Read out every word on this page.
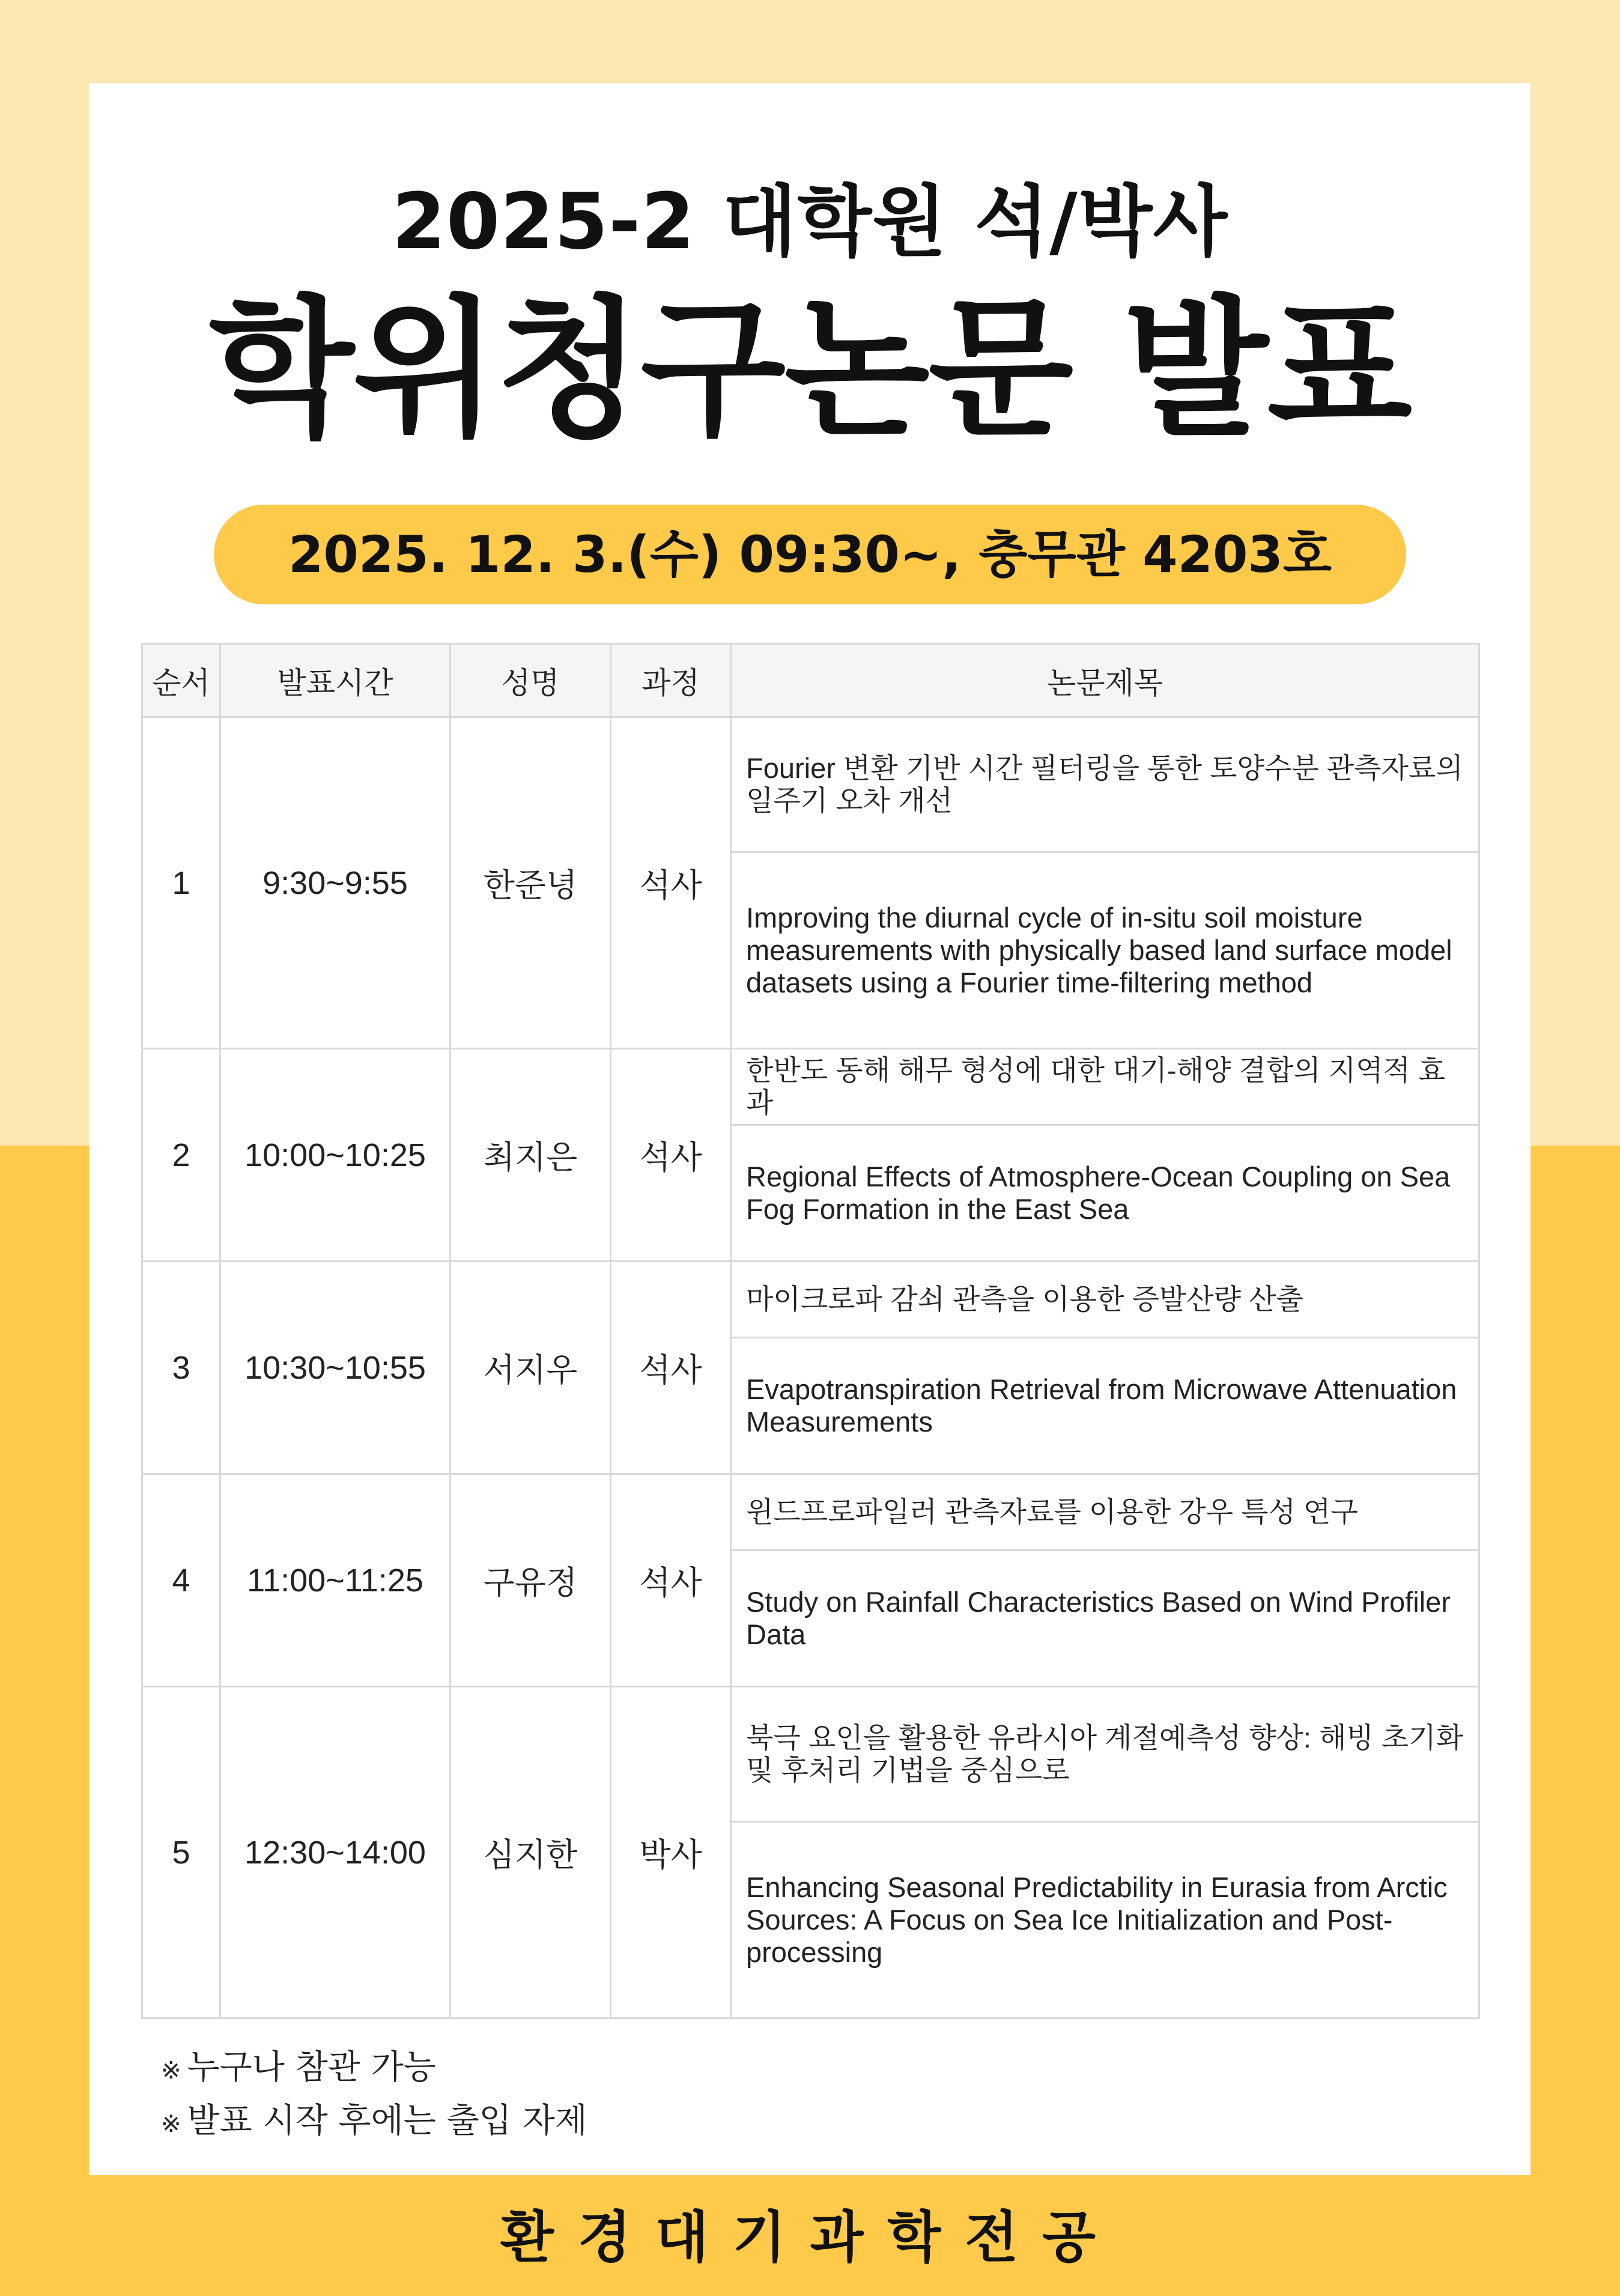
2025-2 대학원 석/박사
학위청구논문 발표
2025. 12. 3.(수) 09:30~, 충무관 4203호
순서	발표시간	성명	과정	논문제목
1	9:30~9:55	한준녕	석사	Fourier 변환 기반 시간 필터링을 통한 토양수분 관측자료의 일주기 오차 개선
				Improving the diurnal cycle of in-situ soil moisture measurements with physically based land surface model datasets using a Fourier time-filtering method
2	10:00~10:25	최지은	석사	한반도 동해 해무 형성에 대한 대기-해양 결합의 지역적 효과
				Regional Effects of Atmosphere-Ocean Coupling on Sea Fog Formation in the East Sea
3	10:30~10:55	서지우	석사	마이크로파 감쇠 관측을 이용한 증발산량 산출
				Evapotranspiration Retrieval from Microwave Attenuation Measurements
4	11:00~11:25	구유정	석사	윈드프로파일러 관측자료를 이용한 강우 특성 연구
				Study on Rainfall Characteristics Based on Wind Profiler Data
5	12:30~14:00	심지한	박사	북극 요인을 활용한 유라시아 계절예측성 향상: 해빙 초기화 및 후처리 기법을 중심으로
				Enhancing Seasonal Predictability in Eurasia from Arctic Sources: A Focus on Sea Ice Initialization and Post-processing
※ 누구나 참관 가능
※ 발표 시작 후에는 출입 자제
환경대기과학전공
